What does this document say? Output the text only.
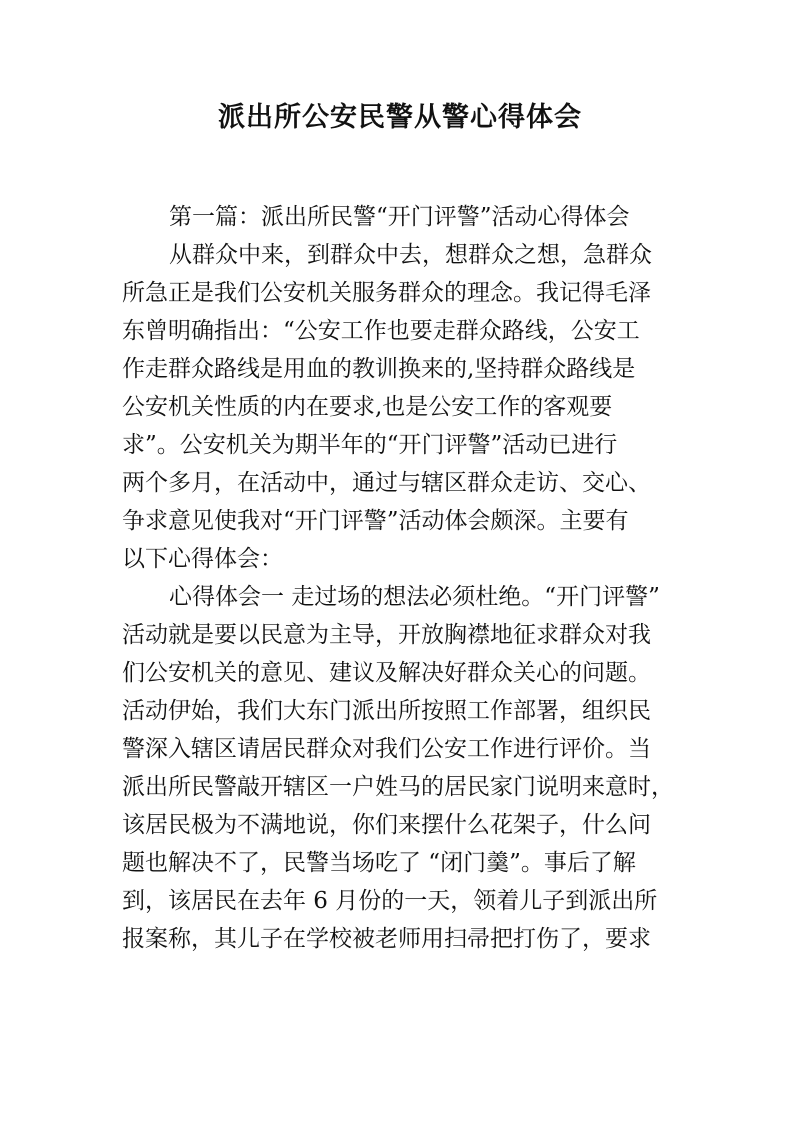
派出所公安民警从警心得体会
第一篇：派出所民警“开门评警”活动心得体会
从群众中来，到群众中去，想群众之想，急群众
所急正是我们公安机关服务群众的理念。我记得毛泽
东曾明确指出：“公安工作也要走群众路线，公安工
作走群众路线是用血的教训换来的,坚持群众路线是
公安机关性质的内在要求,也是公安工作的客观要
求”。公安机关为期半年的“开门评警”活动已进行
两个多月，在活动中，通过与辖区群众走访、交心、
争求意见使我对“开门评警”活动体会颇深。主要有
以下心得体会：
心得体会一 走过场的想法必须杜绝。“开门评警”
活动就是要以民意为主导，开放胸襟地征求群众对我
们公安机关的意见、建议及解决好群众关心的问题。
活动伊始，我们大东门派出所按照工作部署，组织民
警深入辖区请居民群众对我们公安工作进行评价。当
派出所民警敲开辖区一户姓马的居民家门说明来意时，
该居民极为不满地说，你们来摆什么花架子，什么问
题也解决不了，民警当场吃了 “闭门羹”。事后了解
到，该居民在去年 6 月份的一天，领着儿子到派出所
报案称，其儿子在学校被老师用扫帚把打伤了，要求
